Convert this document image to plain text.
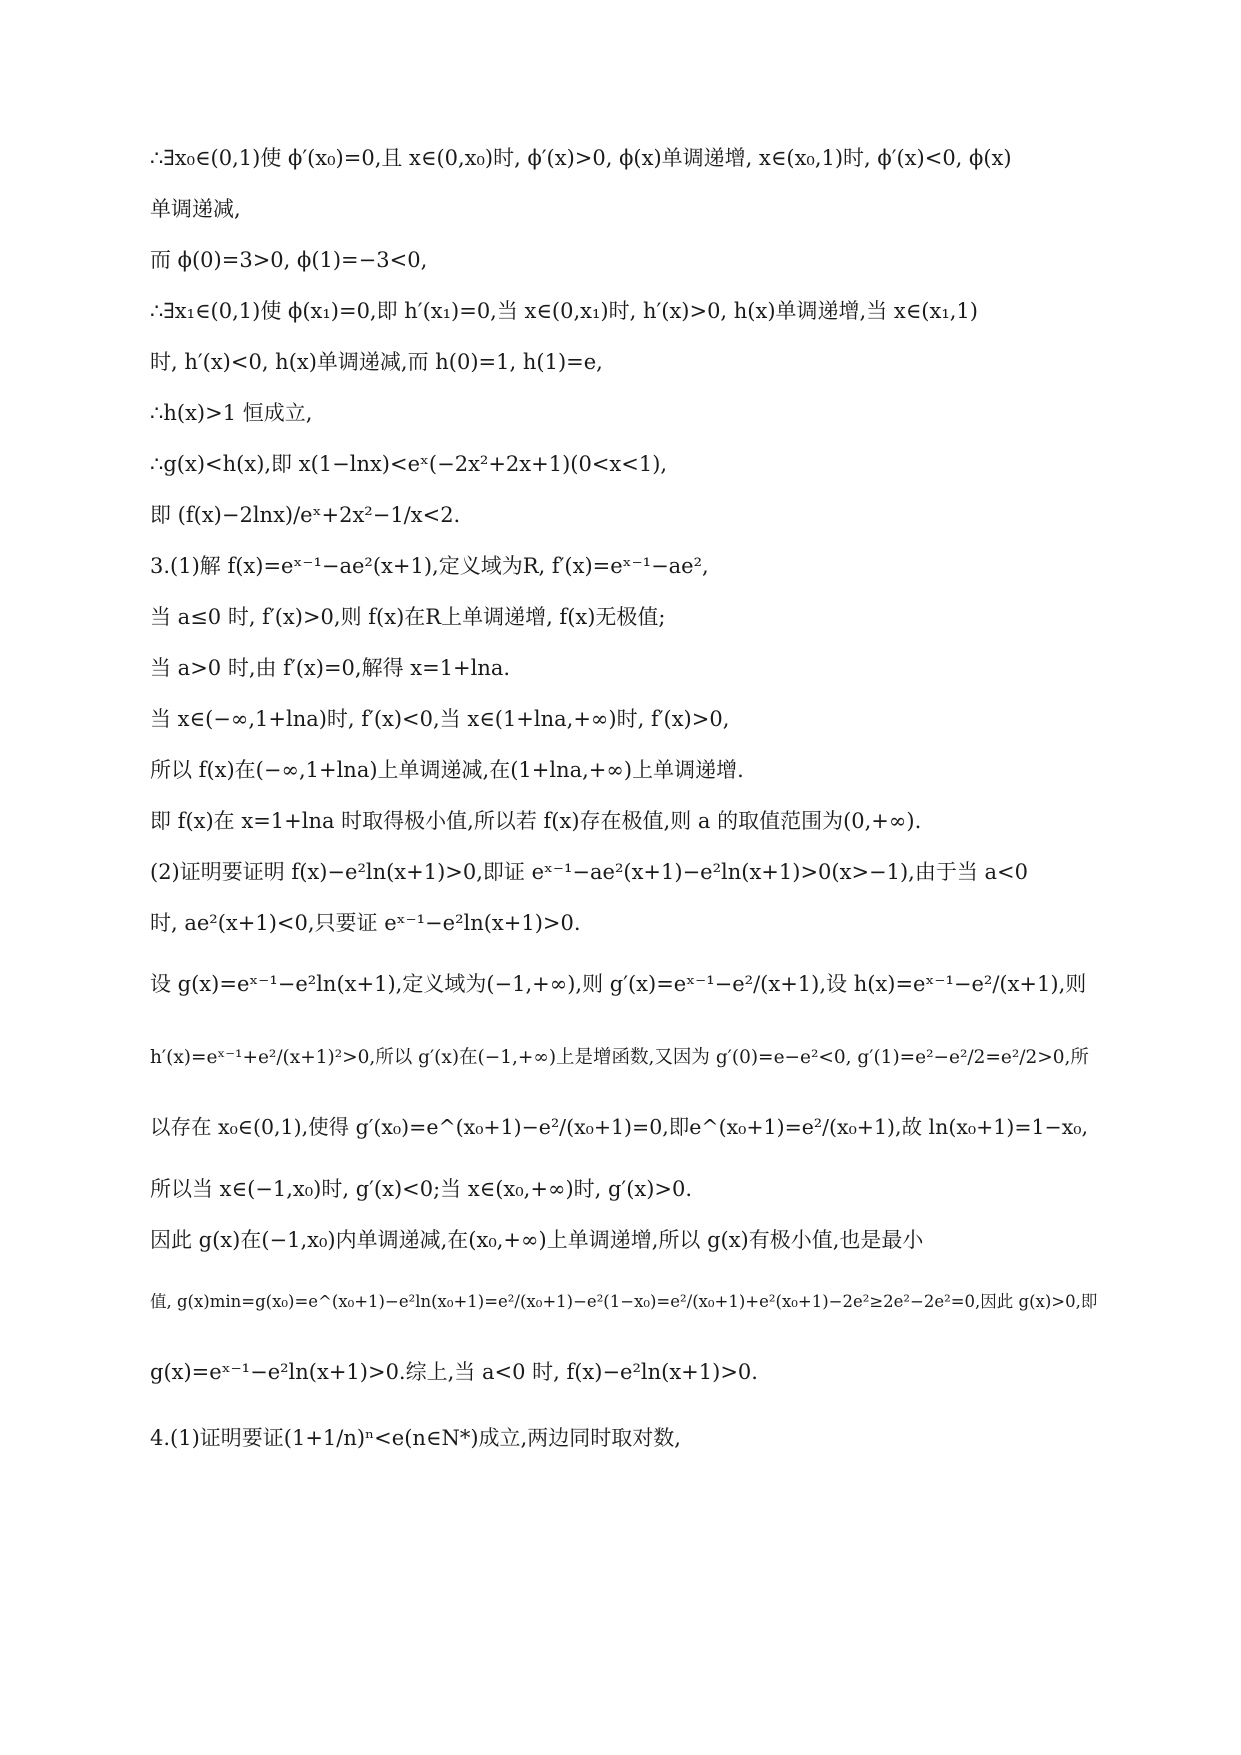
∴∃x₀∈(0,1)使 ϕ′(x₀)=0,且 x∈(0,x₀)时, ϕ′(x)>0, ϕ(x)单调递增, x∈(x₀,1)时, ϕ′(x)<0, ϕ(x)
单调递减,
而 ϕ(0)=3>0, ϕ(1)=−3<0,
∴∃x₁∈(0,1)使 ϕ(x₁)=0,即 h′(x₁)=0,当 x∈(0,x₁)时, h′(x)>0, h(x)单调递增,当 x∈(x₁,1)
时, h′(x)<0, h(x)单调递减,而 h(0)=1, h(1)=e,
∴h(x)>1 恒成立,
∴g(x)<h(x),即 x(1−lnx)<eˣ(−2x²+2x+1)(0<x<1),
即 (f(x)−2lnx)/eˣ+2x²−1/x<2.
3.(1)解 f(x)=eˣ⁻¹−ae²(x+1),定义域为R, f′(x)=eˣ⁻¹−ae²,
当 a≤0 时, f′(x)>0,则 f(x)在R上单调递增, f(x)无极值;
当 a>0 时,由 f′(x)=0,解得 x=1+lna.
当 x∈(−∞,1+lna)时, f′(x)<0,当 x∈(1+lna,+∞)时, f′(x)>0,
所以 f(x)在(−∞,1+lna)上单调递减,在(1+lna,+∞)上单调递增.
即 f(x)在 x=1+lna 时取得极小值,所以若 f(x)存在极值,则 a 的取值范围为(0,+∞).
(2)证明要证明 f(x)−e²ln(x+1)>0,即证 eˣ⁻¹−ae²(x+1)−e²ln(x+1)>0(x>−1),由于当 a<0
时, ae²(x+1)<0,只要证 eˣ⁻¹−e²ln(x+1)>0.
设 g(x)=eˣ⁻¹−e²ln(x+1),定义域为(−1,+∞),则 g′(x)=eˣ⁻¹−e²/(x+1),设 h(x)=eˣ⁻¹−e²/(x+1),则
h′(x)=eˣ⁻¹+e²/(x+1)²>0,所以 g′(x)在(−1,+∞)上是增函数,又因为 g′(0)=e−e²<0, g′(1)=e²−e²/2=e²/2>0,所
以存在 x₀∈(0,1),使得 g′(x₀)=e^(x₀+1)−e²/(x₀+1)=0,即e^(x₀+1)=e²/(x₀+1),故 ln(x₀+1)=1−x₀,
所以当 x∈(−1,x₀)时, g′(x)<0;当 x∈(x₀,+∞)时, g′(x)>0.
因此 g(x)在(−1,x₀)内单调递减,在(x₀,+∞)上单调递增,所以 g(x)有极小值,也是最小
值, g(x)min=g(x₀)=e^(x₀+1)−e²ln(x₀+1)=e²/(x₀+1)−e²(1−x₀)=e²/(x₀+1)+e²(x₀+1)−2e²≥2e²−2e²=0,因此 g(x)>0,即
g(x)=eˣ⁻¹−e²ln(x+1)>0.综上,当 a<0 时, f(x)−e²ln(x+1)>0.
4.(1)证明要证(1+1/n)ⁿ<e(n∈N*)成立,两边同时取对数,
